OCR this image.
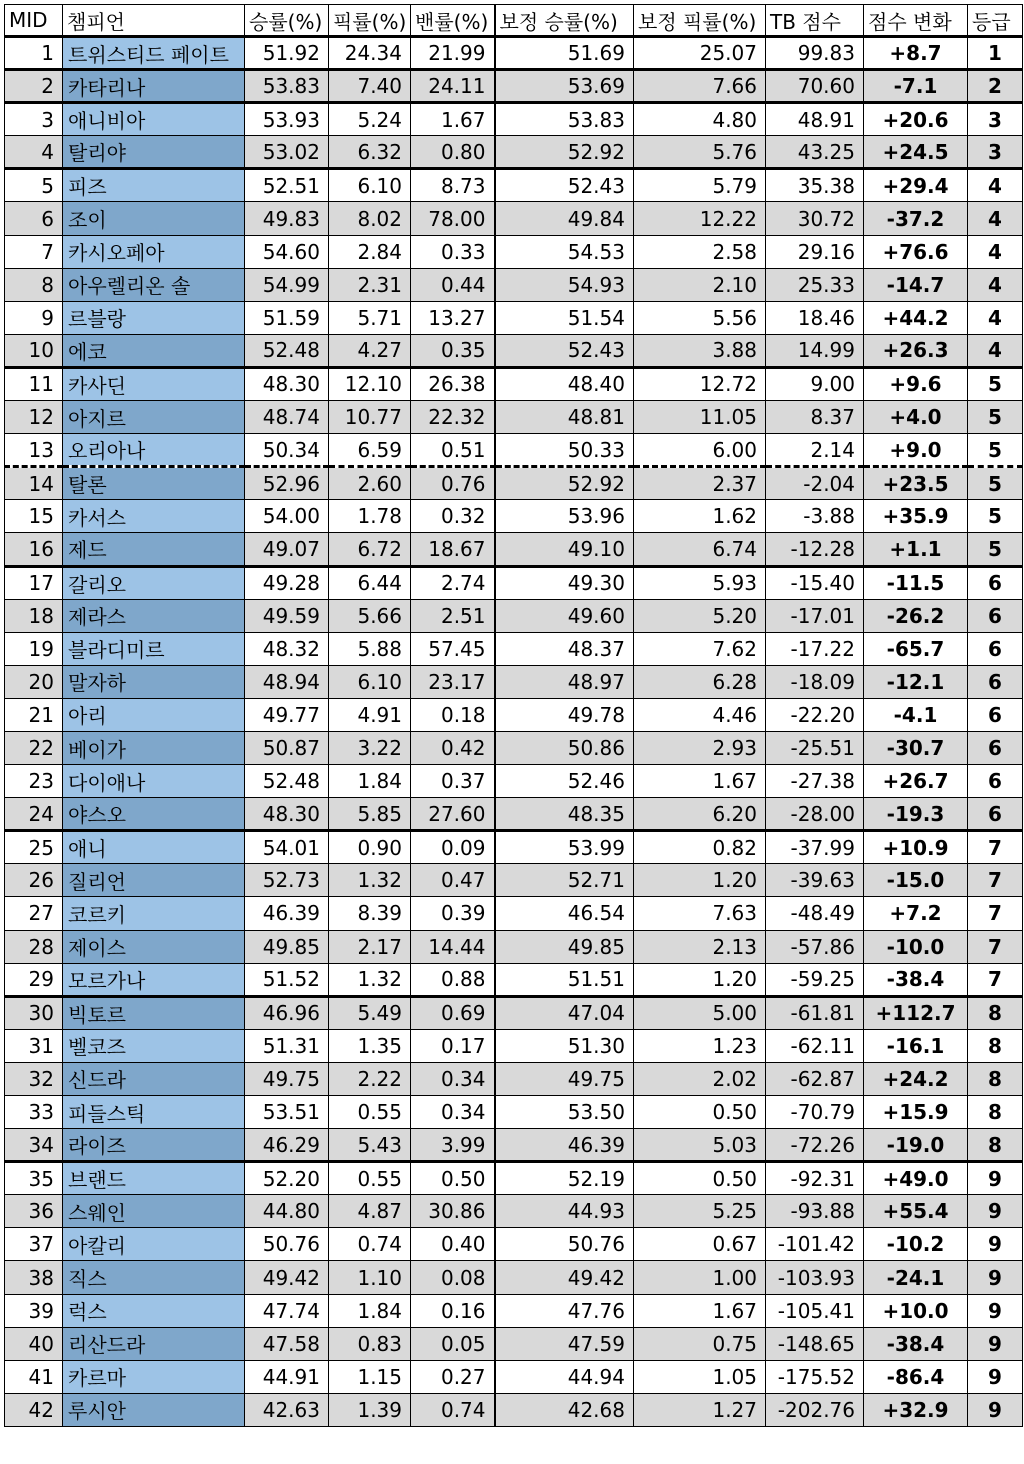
MID	챔피언	승률(%)	픽률(%)	밴률(%)	보정 승률(%)	보정 픽률(%)	TB 점수	점수 변화	등급
1	트위스티드 페이트	51.92	24.34	21.99	51.69	25.07	99.83	+8.7	1
2	카타리나	53.83	7.40	24.11	53.69	7.66	70.60	-7.1	2
3	애니비아	53.93	5.24	1.67	53.83	4.80	48.91	+20.6	3
4	탈리야	53.02	6.32	0.80	52.92	5.76	43.25	+24.5	3
5	피즈	52.51	6.10	8.73	52.43	5.79	35.38	+29.4	4
6	조이	49.83	8.02	78.00	49.84	12.22	30.72	-37.2	4
7	카시오페아	54.60	2.84	0.33	54.53	2.58	29.16	+76.6	4
8	아우렐리온 솔	54.99	2.31	0.44	54.93	2.10	25.33	-14.7	4
9	르블랑	51.59	5.71	13.27	51.54	5.56	18.46	+44.2	4
10	에코	52.48	4.27	0.35	52.43	3.88	14.99	+26.3	4
11	카사딘	48.30	12.10	26.38	48.40	12.72	9.00	+9.6	5
12	아지르	48.74	10.77	22.32	48.81	11.05	8.37	+4.0	5
13	오리아나	50.34	6.59	0.51	50.33	6.00	2.14	+9.0	5
14	탈론	52.96	2.60	0.76	52.92	2.37	-2.04	+23.5	5
15	카서스	54.00	1.78	0.32	53.96	1.62	-3.88	+35.9	5
16	제드	49.07	6.72	18.67	49.10	6.74	-12.28	+1.1	5
17	갈리오	49.28	6.44	2.74	49.30	5.93	-15.40	-11.5	6
18	제라스	49.59	5.66	2.51	49.60	5.20	-17.01	-26.2	6
19	블라디미르	48.32	5.88	57.45	48.37	7.62	-17.22	-65.7	6
20	말자하	48.94	6.10	23.17	48.97	6.28	-18.09	-12.1	6
21	아리	49.77	4.91	0.18	49.78	4.46	-22.20	-4.1	6
22	베이가	50.87	3.22	0.42	50.86	2.93	-25.51	-30.7	6
23	다이애나	52.48	1.84	0.37	52.46	1.67	-27.38	+26.7	6
24	야스오	48.30	5.85	27.60	48.35	6.20	-28.00	-19.3	6
25	애니	54.01	0.90	0.09	53.99	0.82	-37.99	+10.9	7
26	질리언	52.73	1.32	0.47	52.71	1.20	-39.63	-15.0	7
27	코르키	46.39	8.39	0.39	46.54	7.63	-48.49	+7.2	7
28	제이스	49.85	2.17	14.44	49.85	2.13	-57.86	-10.0	7
29	모르가나	51.52	1.32	0.88	51.51	1.20	-59.25	-38.4	7
30	빅토르	46.96	5.49	0.69	47.04	5.00	-61.81	+112.7	8
31	벨코즈	51.31	1.35	0.17	51.30	1.23	-62.11	-16.1	8
32	신드라	49.75	2.22	0.34	49.75	2.02	-62.87	+24.2	8
33	피들스틱	53.51	0.55	0.34	53.50	0.50	-70.79	+15.9	8
34	라이즈	46.29	5.43	3.99	46.39	5.03	-72.26	-19.0	8
35	브랜드	52.20	0.55	0.50	52.19	0.50	-92.31	+49.0	9
36	스웨인	44.80	4.87	30.86	44.93	5.25	-93.88	+55.4	9
37	아칼리	50.76	0.74	0.40	50.76	0.67	-101.42	-10.2	9
38	직스	49.42	1.10	0.08	49.42	1.00	-103.93	-24.1	9
39	럭스	47.74	1.84	0.16	47.76	1.67	-105.41	+10.0	9
40	리산드라	47.58	0.83	0.05	47.59	0.75	-148.65	-38.4	9
41	카르마	44.91	1.15	0.27	44.94	1.05	-175.52	-86.4	9
42	루시안	42.63	1.39	0.74	42.68	1.27	-202.76	+32.9	9
